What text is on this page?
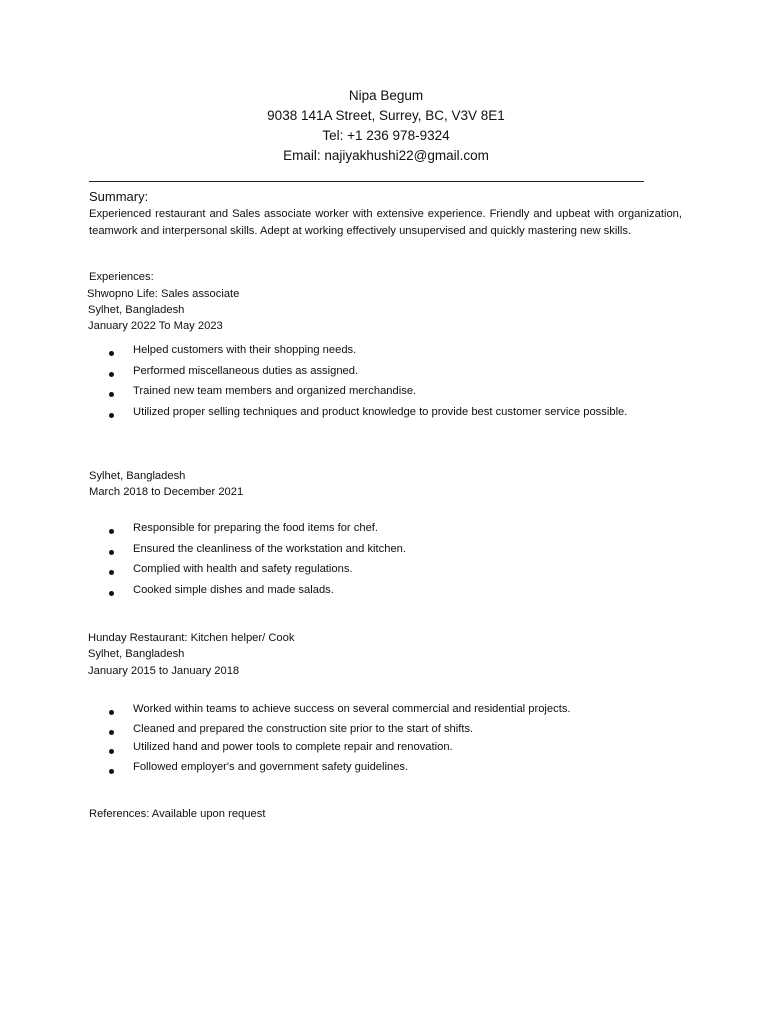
Nipa Begum
9038 141A Street, Surrey, BC, V3V 8E1
Tel: +1 236 978-9324
Email: najiyakhushi22@gmail.com
Summary:
Experienced restaurant and Sales associate worker with extensive experience. Friendly and upbeat with organization, teamwork and interpersonal skills. Adept at working effectively unsupervised and quickly mastering new skills.
Experiences:
Shwopno Life: Sales associate
Sylhet, Bangladesh
January 2022 To May 2023
Helped customers with their shopping needs.
Performed miscellaneous duties as assigned.
Trained new team members and organized merchandise.
Utilized proper selling techniques and product knowledge to provide best customer service possible.
Sylhet, Bangladesh
March 2018 to December 2021
Responsible for preparing the food items for chef.
Ensured the cleanliness of the workstation and kitchen.
Complied with health and safety regulations.
Cooked simple dishes and made salads.
Hunday Restaurant: Kitchen helper/ Cook
Sylhet, Bangladesh
January 2015 to January 2018
Worked within teams to achieve success on several commercial and residential projects.
Cleaned and prepared the construction site prior to the start of shifts.
Utilized hand and power tools to complete repair and renovation.
Followed employer's and government safety guidelines.
References: Available upon request
